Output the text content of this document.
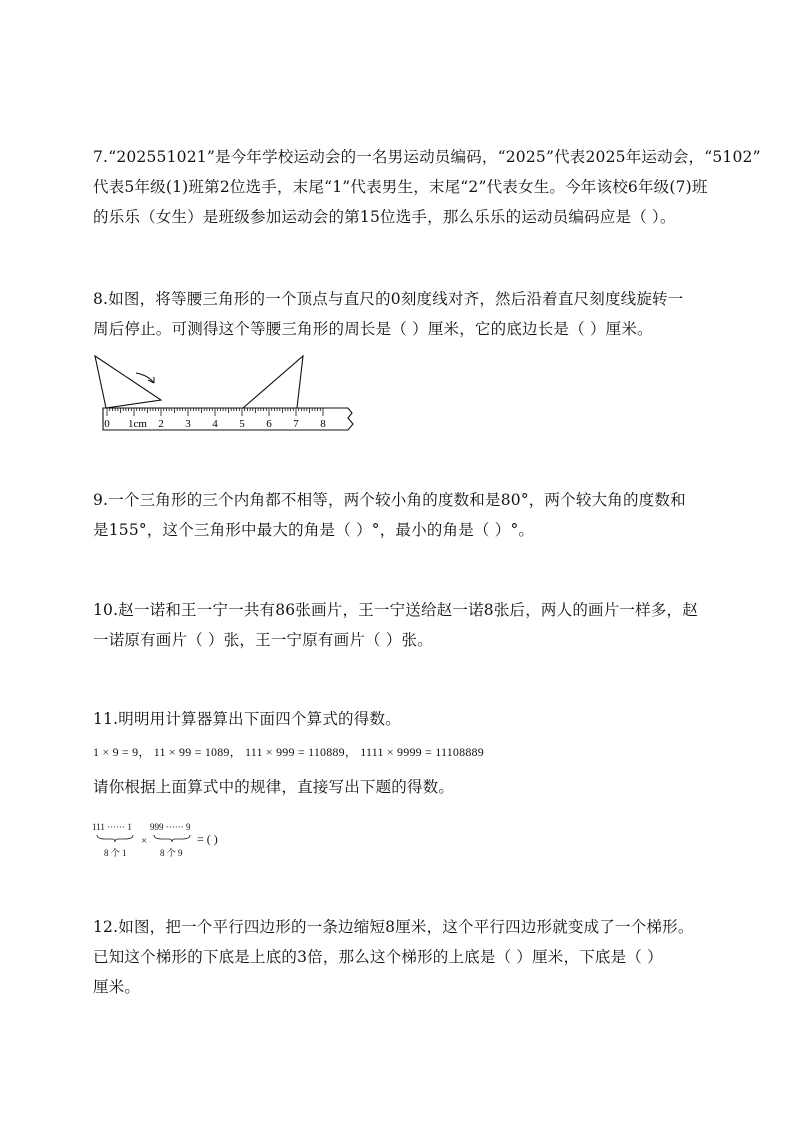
7.“202551021”是今年学校运动会的一名男运动员编码，“2025”代表2025年运动会，“5102”
代表5年级(1)班第2位选手，末尾“1”代表男生，末尾“2”代表女生。今年该校6年级(7)班
的乐乐（女生）是班级参加运动会的第15位选手，那么乐乐的运动员编码应是（ ）。
8.如图，将等腰三角形的一个顶点与直尺的0刻度线对齐，然后沿着直尺刻度线旋转一
周后停止。可测得这个等腰三角形的周长是（ ）厘米，它的底边长是（ ）厘米。
0 1cm 2 3 4 5 6 7 8
9.一个三角形的三个内角都不相等，两个较小角的度数和是80°，两个较大角的度数和
是155°，这个三角形中最大的角是（ ）°，最小的角是（ ）°。
10.赵一诺和王一宁一共有86张画片，王一宁送给赵一诺8张后，两人的画片一样多，赵
一诺原有画片（ ）张，王一宁原有画片（ ）张。
11.明明用计算器算出下面四个算式的得数。
1 × 9 = 9， 11 × 99 = 1089， 111 × 999 = 110889， 1111 × 9999 = 11108889
请你根据上面算式中的规律，直接写出下题的得数。
111 ······ 1
8 个 1
×
999 ······ 9
8 个 9
= ( )
12.如图，把一个平行四边形的一条边缩短8厘米，这个平行四边形就变成了一个梯形。
已知这个梯形的下底是上底的3倍，那么这个梯形的上底是（ ）厘米，下底是（ ）
厘米。
